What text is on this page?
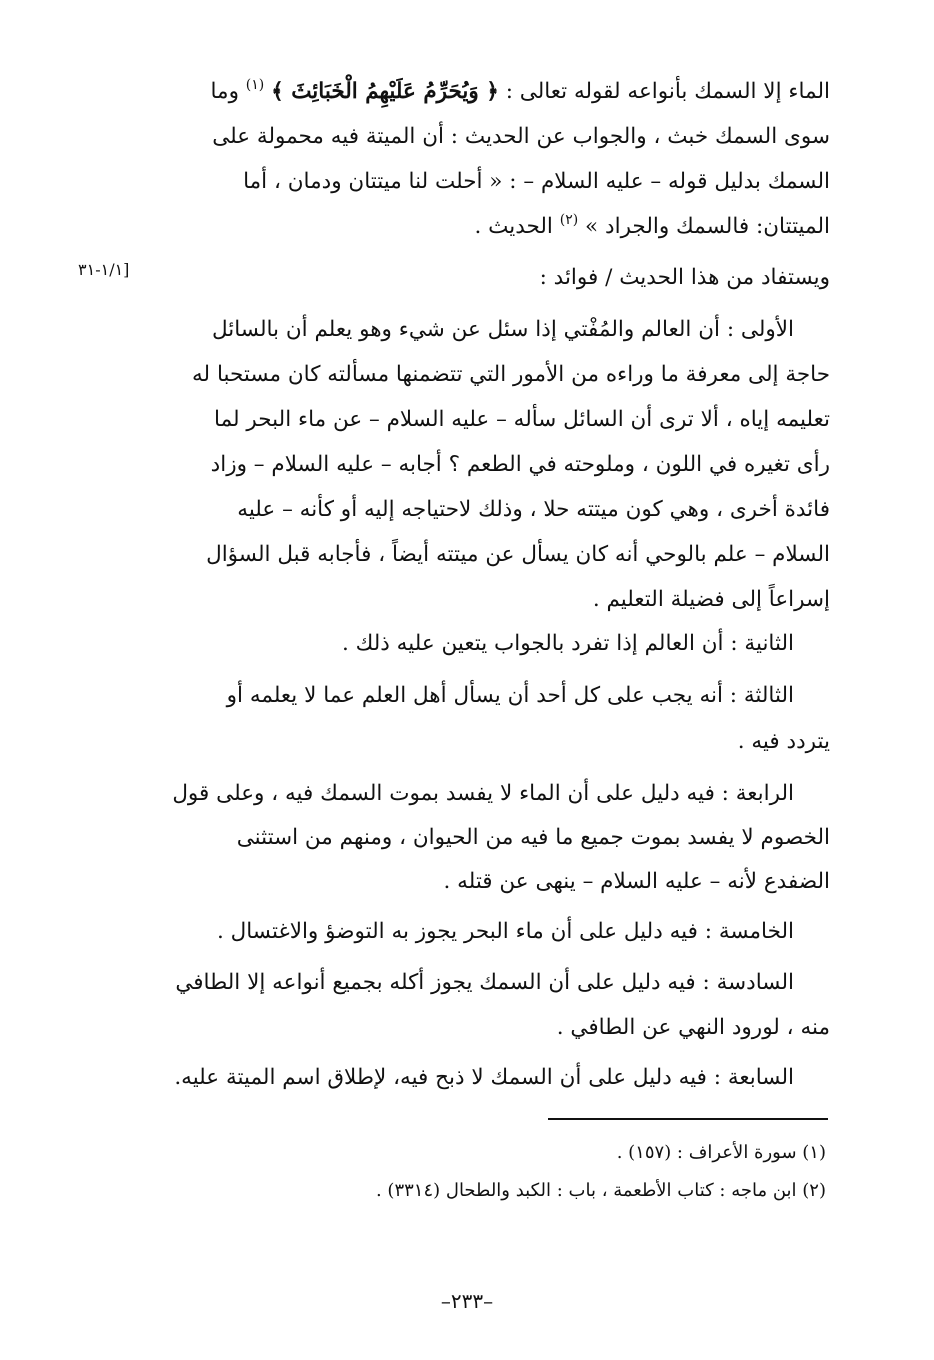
الماء إلا السمك بأنواعه لقوله تعالى : ﴿ وَيُحَرِّمُ عَلَيْهِمُ الْخَبَائِثَ ﴾ $^{(١)}$ وما
سوى السمك خبث ، والجواب عن الحديث : أن الميتة فيه محمولة على
السمك بدليل قوله – عليه السلام – : « أحلت لنا ميتتان ودمان ، أما
الميتتان: فالسمك والجراد » $^{(٢)}$ الحديث .
ويستفاد من هذا الحديث / فوائد :
[١/١-٣١
الأولى : أن العالم والمُفْتي إذا سئل عن شيء وهو يعلم أن بالسائل
حاجة إلى معرفة ما وراءه من الأمور التي تتضمنها مسألته كان مستحبا له
تعليمه إياه ، ألا ترى أن السائل سأله – عليه السلام – عن ماء البحر لما
رأى تغيره في اللون ، وملوحته في الطعم ؟ أجابه – عليه السلام – وزاد
فائدة أخرى ، وهي كون ميتته حلا ، وذلك لاحتياجه إليه أو كأنه – عليه
السلام – علم بالوحي أنه كان يسأل عن ميتته أيضاً ، فأجابه قبل السؤال
إسراعاً إلى فضيلة التعليم .
الثانية : أن العالم إذا تفرد بالجواب يتعين عليه ذلك .
الثالثة : أنه يجب على كل أحد أن يسأل أهل العلم عما لا يعلمه أو
يتردد فيه .
الرابعة : فيه دليل على أن الماء لا يفسد بموت السمك فيه ، وعلى قول
الخصوم لا يفسد بموت جميع ما فيه من الحيوان ، ومنهم من استثنى
الضفدع لأنه – عليه السلام – ينهى عن قتله .
الخامسة : فيه دليل على أن ماء البحر يجوز به التوضؤ والاغتسال .
السادسة : فيه دليل على أن السمك يجوز أكله بجميع أنواعه إلا الطافي
منه ، لورود النهي عن الطافي .
السابعة : فيه دليل على أن السمك لا ذبح فيه، لإطلاق اسم الميتة عليه.
(١) سورة الأعراف : (١٥٧) .
(٢) ابن ماجه : كتاب الأطعمة ، باب : الكبد والطحال (٣٣١٤) .
–٢٣٣–
